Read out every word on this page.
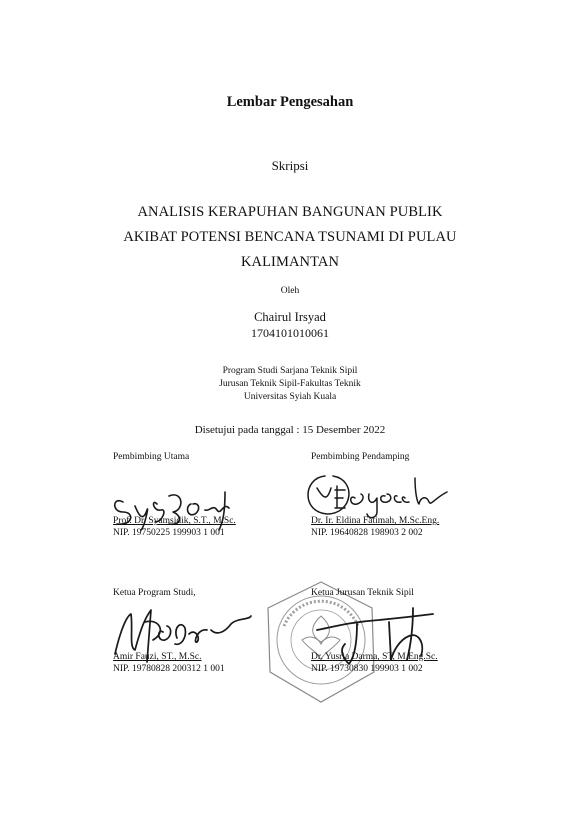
Lembar Pengesahan
Skripsi
ANALISIS KERAPUHAN BANGUNAN PUBLIK
AKIBAT POTENSI BENCANA TSUNAMI DI PULAU
KALIMANTAN
Oleh
Chairul Irsyad
1704101010061
Program Studi Sarjana Teknik Sipil
Jurusan Teknik Sipil-Fakultas Teknik
Universitas Syiah Kuala
Disetujui pada tanggal : 15 Desember 2022
Pembimbing Utama
Prof. Dr. Syamsidik, S.T., M.Sc.
NIP. 19750225 199903 1 001
Pembimbing Pendamping
Dr. Ir. Eldina Fatimah, M.Sc.Eng.
NIP. 19640828 198903 2 002
Ketua Program Studi,
Amir Fauzi, ST., M.Sc.
NIP. 19780828 200312 1 001
Ketua Jurusan Teknik Sipil
Dr. Yusria Darma, ST, M.Eng.Sc.
NIP. 19730830 199903 1 002
